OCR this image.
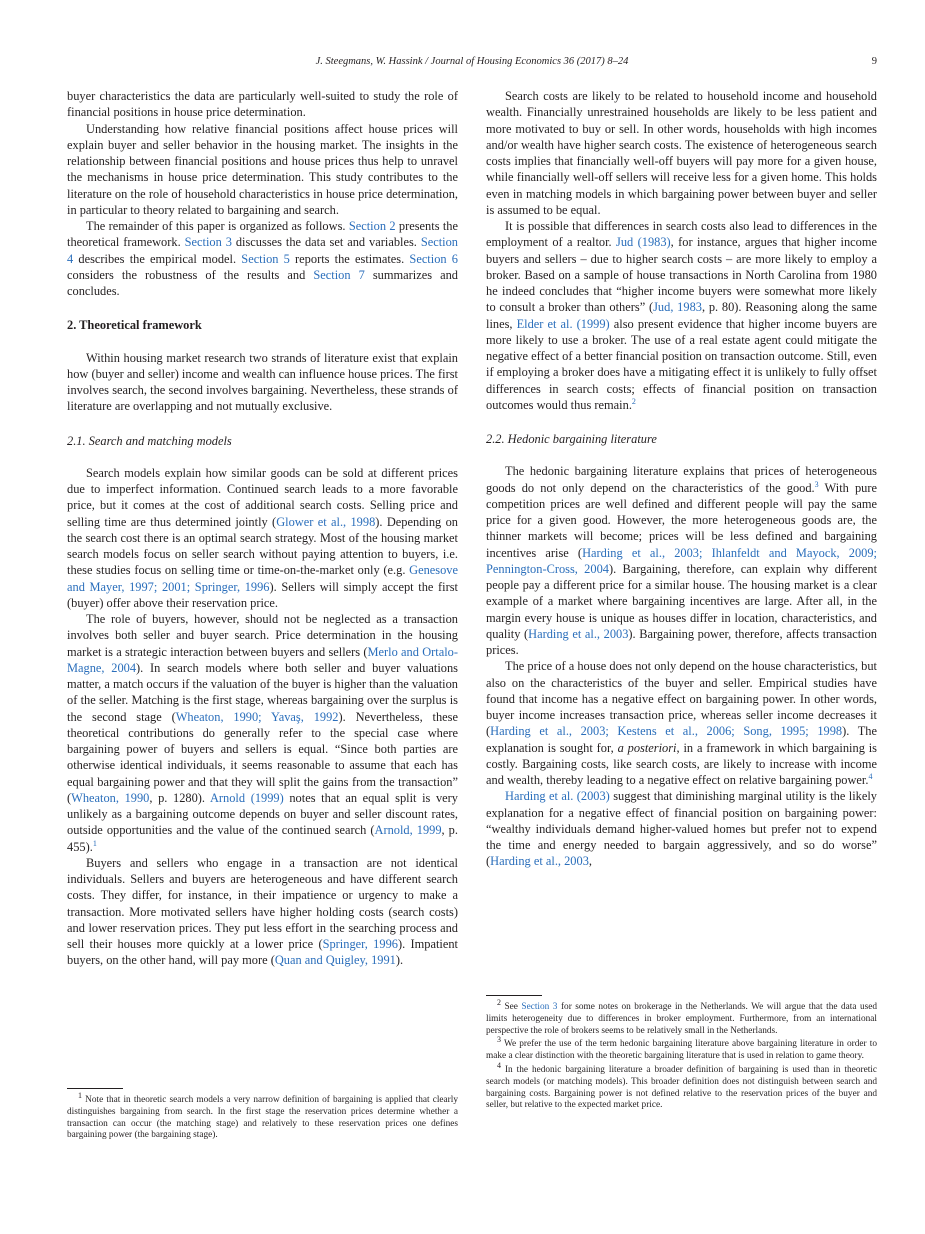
J. Steegmans, W. Hassink / Journal of Housing Economics 36 (2017) 8–24	9

buyer characteristics the data are particularly well-suited to study the role of financial positions in house price determination.

Understanding how relative financial positions affect house prices will explain buyer and seller behavior in the housing market. The insights in the relationship between financial positions and house prices thus help to unravel the mechanisms in house price determination. This study contributes to the literature on the role of household characteristics in house price determination, in particular to theory related to bargaining and search.

The remainder of this paper is organized as follows. Section 2 presents the theoretical framework. Section 3 discusses the data set and variables. Section 4 describes the empirical model. Section 5 reports the estimates. Section 6 considers the robustness of the results and Section 7 summarizes and concludes.

2. Theoretical framework

Within housing market research two strands of literature exist that explain how (buyer and seller) income and wealth can influence house prices. The first involves search, the second involves bargaining. Nevertheless, these strands of literature are overlapping and not mutually exclusive.

2.1. Search and matching models

Search models explain how similar goods can be sold at different prices due to imperfect information. Continued search leads to a more favorable price, but it comes at the cost of additional search costs. Selling price and selling time are thus determined jointly (Glower et al., 1998). Depending on the search cost there is an optimal search strategy. Most of the housing market search models focus on seller search without paying attention to buyers, i.e. these studies focus on selling time or time-on-the-market only (e.g. Genesove and Mayer, 1997; 2001; Springer, 1996). Sellers will simply accept the first (buyer) offer above their reservation price.

The role of buyers, however, should not be neglected as a transaction involves both seller and buyer search. Price determination in the housing market is a strategic interaction between buyers and sellers (Merlo and Ortalo-Magne, 2004). In search models where both seller and buyer valuations matter, a match occurs if the valuation of the buyer is higher than the valuation of the seller. Matching is the first stage, whereas bargaining over the surplus is the second stage (Wheaton, 1990; Yavaş, 1992). Nevertheless, these theoretical contributions do generally refer to the special case where bargaining power of buyers and sellers is equal. “Since both parties are otherwise identical individuals, it seems reasonable to assume that each has equal bargaining power and that they will split the gains from the transaction” (Wheaton, 1990, p. 1280). Arnold (1999) notes that an equal split is very unlikely as a bargaining outcome depends on buyer and seller discount rates, outside opportunities and the value of the continued search (Arnold, 1999, p. 455).$^1$

Buyers and sellers who engage in a transaction are not identical individuals. Sellers and buyers are heterogeneous and have different search costs. They differ, for instance, in their impatience or urgency to make a transaction. More motivated sellers have higher holding costs (search costs) and lower reservation prices. They put less effort in the searching process and sell their houses more quickly at a lower price (Springer, 1996). Impatient buyers, on the other hand, will pay more (Quan and Quigley, 1991).

$^1$ Note that in theoretic search models a very narrow definition of bargaining is applied that clearly distinguishes bargaining from search. In the first stage the reservation prices determine whether a transaction can occur (the matching stage) and relatively to these reservation prices one defines bargaining power (the bargaining stage).

Search costs are likely to be related to household income and household wealth. Financially unrestrained households are likely to be less patient and more motivated to buy or sell. In other words, households with high incomes and/or wealth have higher search costs. The existence of heterogeneous search costs implies that financially well-off buyers will pay more for a given house, while financially well-off sellers will receive less for a given home. This holds even in matching models in which bargaining power between buyer and seller is assumed to be equal.

It is possible that differences in search costs also lead to differences in the employment of a realtor. Jud (1983), for instance, argues that higher income buyers and sellers – due to higher search costs – are more likely to employ a broker. Based on a sample of house transactions in North Carolina from 1980 he indeed concludes that “higher income buyers were somewhat more likely to consult a broker than others” (Jud, 1983, p. 80). Reasoning along the same lines, Elder et al. (1999) also present evidence that higher income buyers are more likely to use a broker. The use of a real estate agent could mitigate the negative effect of a better financial position on transaction outcome. Still, even if employing a broker does have a mitigating effect it is unlikely to fully offset differences in search costs; effects of financial position on transaction outcomes would thus remain.$^2$

2.2. Hedonic bargaining literature

The hedonic bargaining literature explains that prices of heterogeneous goods do not only depend on the characteristics of the good.$^3$ With pure competition prices are well defined and different people will pay the same price for a given good. However, the more heterogeneous goods are, the thinner markets will become; prices will be less defined and bargaining incentives arise (Harding et al., 2003; Ihlanfeldt and Mayock, 2009; Pennington-Cross, 2004). Bargaining, therefore, can explain why different people pay a different price for a similar house. The housing market is a clear example of a market where bargaining incentives are large. After all, in the margin every house is unique as houses differ in location, characteristics, and quality (Harding et al., 2003). Bargaining power, therefore, affects transaction prices.

The price of a house does not only depend on the house characteristics, but also on the characteristics of the buyer and seller. Empirical studies have found that income has a negative effect on bargaining power. In other words, buyer income increases transaction price, whereas seller income decreases it (Harding et al., 2003; Kestens et al., 2006; Song, 1995; 1998). The explanation is sought for, a posteriori, in a framework in which bargaining is costly. Bargaining costs, like search costs, are likely to increase with income and wealth, thereby leading to a negative effect on relative bargaining power.$^4$

Harding et al. (2003) suggest that diminishing marginal utility is the likely explanation for a negative effect of financial position on bargaining power: “wealthy individuals demand higher-valued homes but prefer not to expend the time and energy needed to bargain aggressively, and so do worse” (Harding et al., 2003,

$^2$ See Section 3 for some notes on brokerage in the Netherlands. We will argue that the data used limits heterogeneity due to differences in broker employment. Furthermore, from an international perspective the role of brokers seems to be relatively small in the Netherlands.

$^3$ We prefer the use of the term hedonic bargaining literature above bargaining literature in order to make a clear distinction with the theoretic bargaining literature that is used in relation to game theory.

$^4$ In the hedonic bargaining literature a broader definition of bargaining is used than in theoretic search models (or matching models). This broader definition does not distinguish between search and bargaining costs. Bargaining power is not defined relative to the reservation prices of the buyer and seller, but relative to the expected market price.
